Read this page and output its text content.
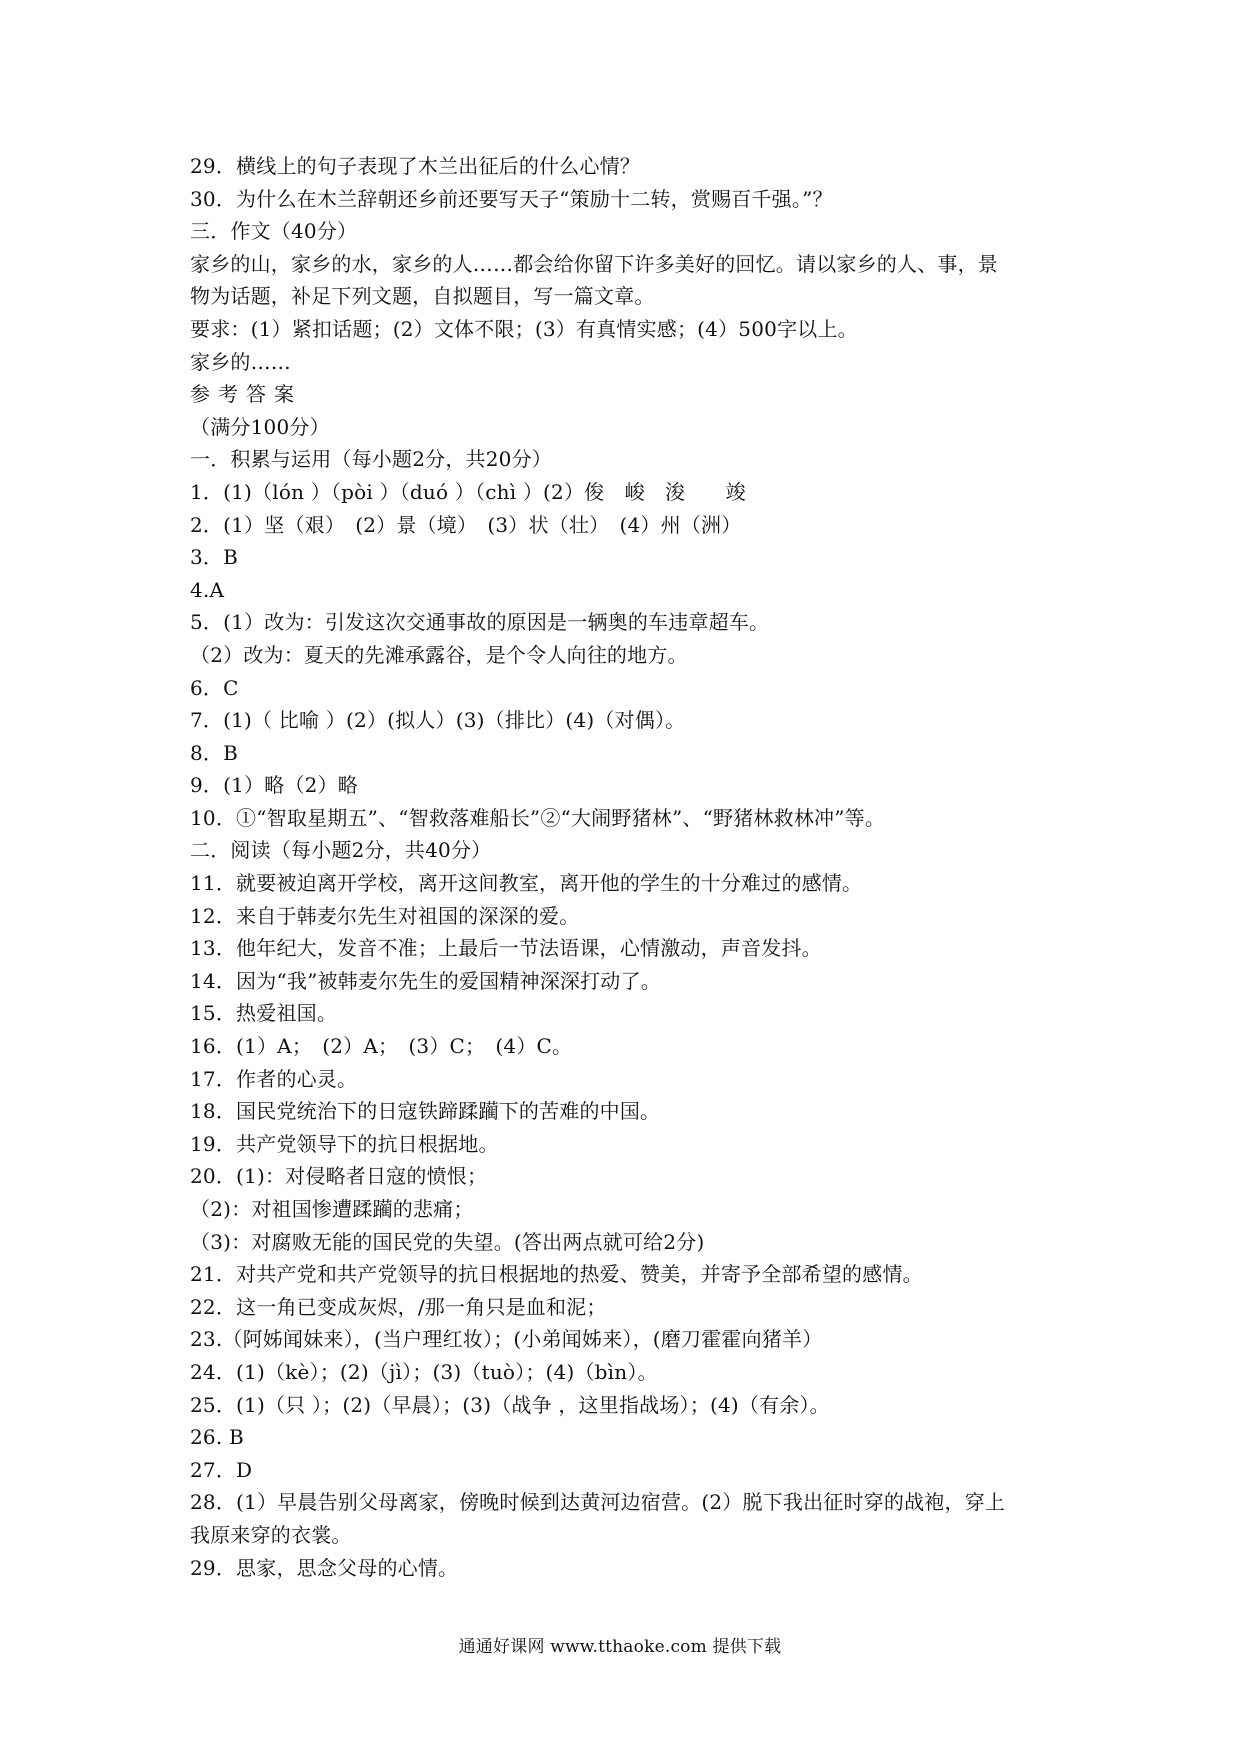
29．横线上的句子表现了木兰出征后的什么心情？
30．为什么在木兰辞朝还乡前还要写天子“策励十二转，赏赐百千强。”？
三．作文（40分）
家乡的山，家乡的水，家乡的人……都会给你留下许多美好的回忆。请以家乡的人、事，景
物为话题，补足下列文题，自拟题目，写一篇文章。
要求：(1）紧扣话题；(2）文体不限；(3）有真情实感；(4）500字以上。
家乡的……
参考答案
（满分100分）
一．积累与运用（每小题2分，共20分）
1．(1)（lón ）（pòi ）（duó ）（chì ）(2）俊　峻　浚　　竣
2．(1）坚（艰）　(2）景（境）　(3）状（壮）　(4）州（洲）
3．B
4.A
5．(1）改为：引发这次交通事故的原因是一辆奥的车违章超车。
（2）改为：夏天的先滩承露谷，是个令人向往的地方。
6．C
7．(1)（ 比喻 ）(2）(拟人）(3)（排比）(4)（对偶）。
8．B
9．(1）略（2）略
10．①“智取星期五”、“智救落难船长”②“大闹野猪林”、“野猪林救林冲”等。
二．阅读（每小题2分，共40分）
11．就要被迫离开学校，离开这间教室，离开他的学生的十分难过的感情。
12．来自于韩麦尔先生对祖国的深深的爱。
13．他年纪大，发音不准；上最后一节法语课，心情激动，声音发抖。
14．因为“我”被韩麦尔先生的爱国精神深深打动了。
15．热爱祖国。
16．(1）A；　(2）A；　(3）C；　(4）C。
17．作者的心灵。
18．国民党统治下的日寇铁蹄蹂躏下的苦难的中国。
19．共产党领导下的抗日根据地。
20．(1)：对侵略者日寇的愤恨；
（2)：对祖国惨遭蹂躏的悲痛；
（3)：对腐败无能的国民党的失望。(答出两点就可给2分)
21．对共产党和共产党领导的抗日根据地的热爱、赞美，并寄予全部希望的感情。
22．这一角已变成灰烬，/那一角只是血和泥；
23.（阿姊闻妹来），(当户理红妆）；(小弟闻姊来），(磨刀霍霍向猪羊）
24．(1)（kè）；(2)（jì）；(3)（tuò）；(4)（bìn）。
25．(1)（只 ）；(2)（早晨）；(3)（战争 ，这里指战场）；(4)（有余）。
26. B
27．D
28．(1）早晨告别父母离家，傍晚时候到达黄河边宿营。(2）脱下我出征时穿的战袍，穿上
我原来穿的衣裳。
29．思家，思念父母的心情。
通通好课网 www.tthaoke.com 提供下载
